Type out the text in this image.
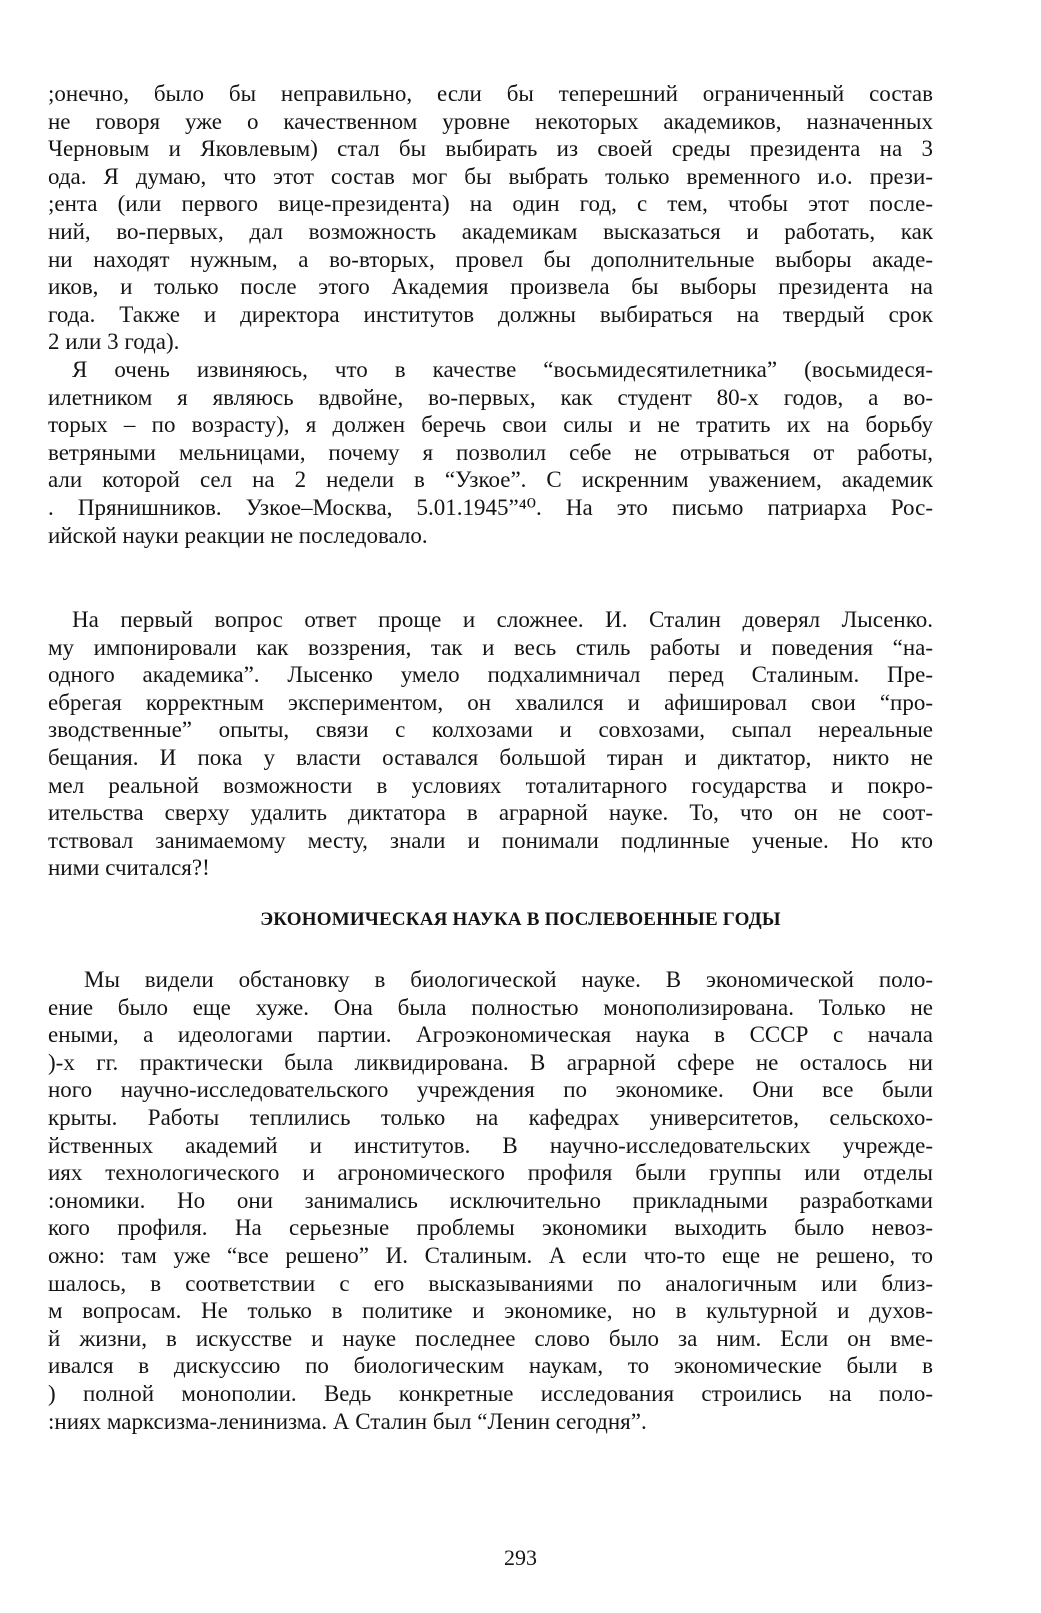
;онечно, было бы неправильно, если бы теперешний ограниченный состав
не говоря уже о качественном уровне некоторых академиков, назначенных
Черновым и Яковлевым) стал бы выбирать из своей среды президента на 3
ода. Я думаю, что этот состав мог бы выбрать только временного и.о. прези-
;ента (или первого вице-президента) на один год, с тем, чтобы этот после-
ний, во-первых, дал возможность академикам высказаться и работать, как
ни находят нужным, а во-вторых, провел бы дополнительные выборы акаде-
иков, и только после этого Академия произвела бы выборы президента на
года. Также и директора институтов должны выбираться на твердый срок
2 или 3 года).
Я очень извиняюсь, что в качестве “восьмидесятилетника” (восьмидеся-
илетником я являюсь вдвойне, во-первых, как студент 80-х годов, а во-
торых – по возрасту), я должен беречь свои силы и не тратить их на борьбу
ветряными мельницами, почему я позволил себе не отрываться от работы,
али которой сел на 2 недели в “Узкое”. С искренним уважением, академик
. Прянишников. Узкое–Москва, 5.01.1945”⁴⁰. На это письмо патриарха Рос-
ийской науки реакции не последовало.
На первый вопрос ответ проще и сложнее. И. Сталин доверял Лысенко.
му импонировали как воззрения, так и весь стиль работы и поведения “на-
одного академика”. Лысенко умело подхалимничал перед Сталиным. Пре-
ебрегая корректным экспериментом, он хвалился и афишировал свои “про-
зводственные” опыты, связи с колхозами и совхозами, сыпал нереальные
бещания. И пока у власти оставался большой тиран и диктатор, никто не
мел реальной возможности в условиях тоталитарного государства и покро-
ительства сверху удалить диктатора в аграрной науке. То, что он не соот-
тствовал занимаемому месту, знали и понимали подлинные ученые. Но кто
ними считался?!
ЭКОНОМИЧЕСКАЯ НАУКА В ПОСЛЕВОЕННЫЕ ГОДЫ
Мы видели обстановку в биологической науке. В экономической поло-
ение было еще хуже. Она была полностью монополизирована. Только не
еными, а идеологами партии. Агроэкономическая наука в СССР с начала
)-х гг. практически была ликвидирована. В аграрной сфере не осталось ни
ного научно-исследовательского учреждения по экономике. Они все были
крыты. Работы теплились только на кафедрах университетов, сельскохо-
йственных академий и институтов. В научно-исследовательских учрежде-
иях технологического и агрономического профиля были группы или отделы
:ономики. Но они занимались исключительно прикладными разработками
кого профиля. На серьезные проблемы экономики выходить было невоз-
ожно: там уже “все решено” И. Сталиным. А если что-то еще не решено, то
шалось, в соответствии с его высказываниями по аналогичным или близ-
м вопросам. Не только в политике и экономике, но в культурной и духов-
й жизни, в искусстве и науке последнее слово было за ним. Если он вме-
ивался в дискуссию по биологическим наукам, то экономические были в
) полной монополии. Ведь конкретные исследования строились на поло-
:ниях марксизма-ленинизма. А Сталин был “Ленин сегодня”.
293
